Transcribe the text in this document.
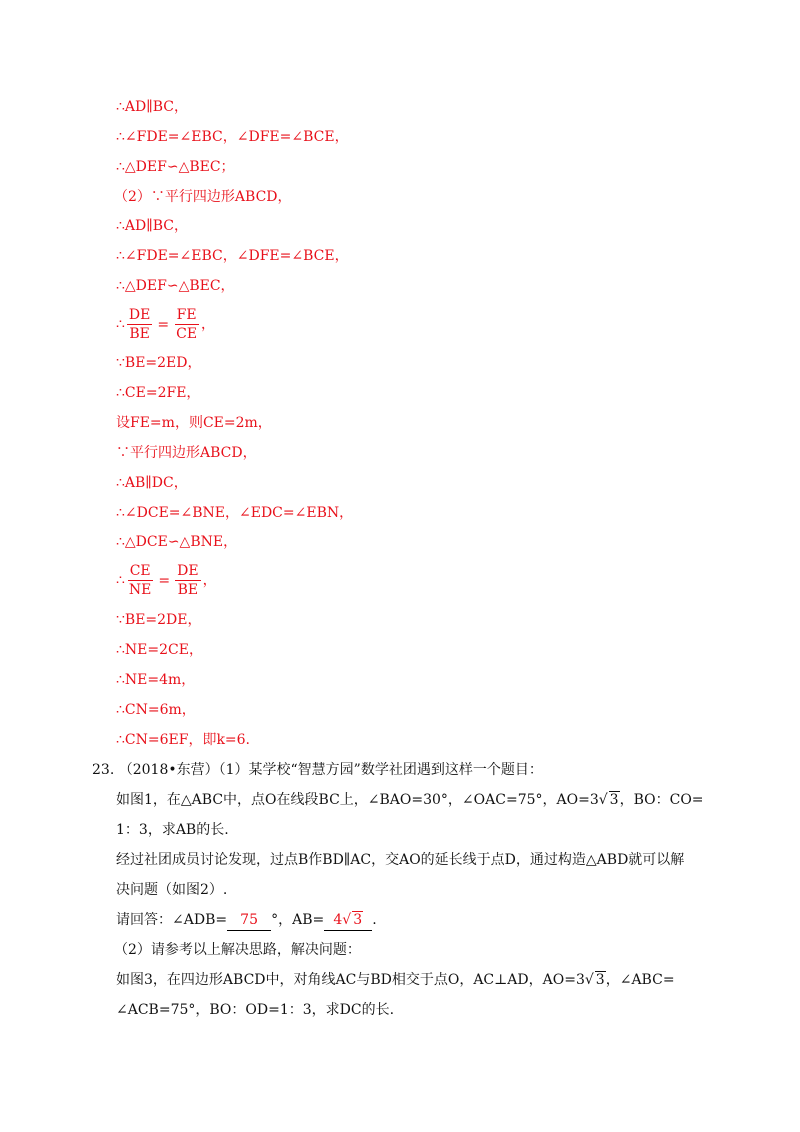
∴AD∥BC，
∴∠FDE=∠EBC，∠DFE=∠BCE，
∴△DEF∽△BEC；
（2）∵平行四边形ABCD，
∴AD∥BC，
∴∠FDE=∠EBC，∠DFE=∠BCE，
∴△DEF∽△BEC，
∴ $\frac{DE}{BE} = \frac{FE}{CE}$ ，
∵BE=2ED，
∴CE=2FE，
设FE=m，则CE=2m，
∵平行四边形ABCD，
∴AB∥DC，
∴∠DCE=∠BNE，∠EDC=∠EBN，
∴△DCE∽△BNE，
∴ $\frac{CE}{NE} = \frac{DE}{BE}$ ，
∵BE=2DE，
∴NE=2CE，
∴NE=4m，
∴CN=6m，
∴CN=6EF，即k=6.
23. （2018•东营）（1）某学校“智慧方园”数学社团遇到这样一个题目：
如图1，在△ABC中，点O在线段BC上，∠BAO=30°，∠OAC=75°，AO=3√ 3，BO：CO=
1：3，求AB的长.
经过社团成员讨论发现，过点B作BD∥AC，交AO的延长线于点D，通过构造△ABD就可以解
决问题（如图2）.
请回答：∠ADB= 75 °，AB= 4√ 3 .
（2）请参考以上解决思路，解决问题：
如图3，在四边形ABCD中，对角线AC与BD相交于点O，AC⊥AD，AO=3√ 3，∠ABC=
∠ACB=75°，BO：OD=1：3，求DC的长.
